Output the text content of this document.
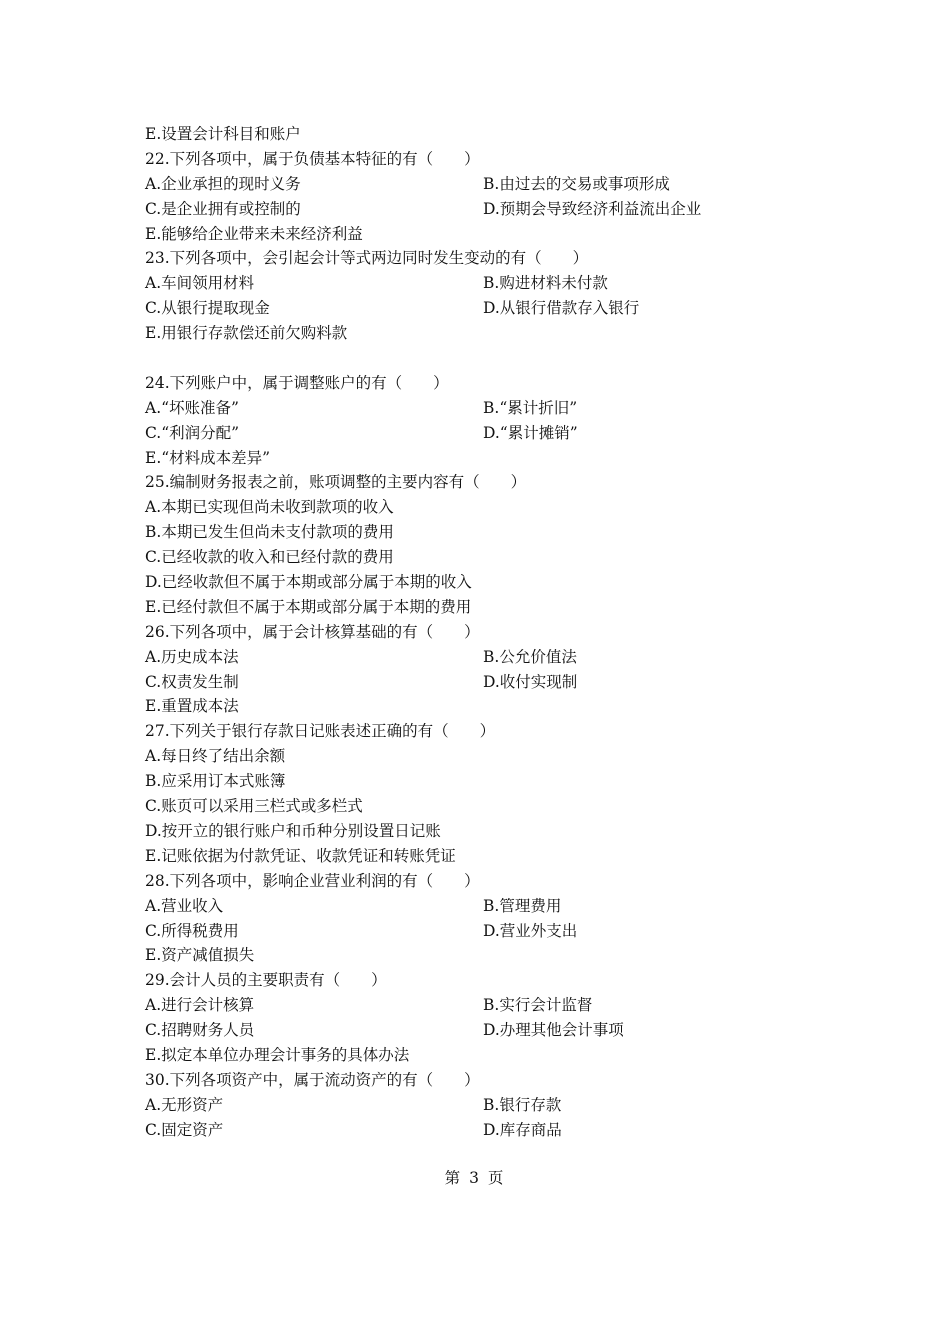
E.设置会计科目和账户
22.下列各项中，属于负债基本特征的有（　　）
A.企业承担的现时义务	B.由过去的交易或事项形成
C.是企业拥有或控制的	D.预期会导致经济利益流出企业
E.能够给企业带来未来经济利益
23.下列各项中，会引起会计等式两边同时发生变动的有（　　）
A.车间领用材料	B.购进材料未付款
C.从银行提取现金	D.从银行借款存入银行
E.用银行存款偿还前欠购料款
24.下列账户中，属于调整账户的有（　　）
A.“坏账准备”	B.“累计折旧”
C.“利润分配”	D.“累计摊销”
E.“材料成本差异”
25.编制财务报表之前，账项调整的主要内容有（　　）
A.本期已实现但尚未收到款项的收入
B.本期已发生但尚未支付款项的费用
C.已经收款的收入和已经付款的费用
D.已经收款但不属于本期或部分属于本期的收入
E.已经付款但不属于本期或部分属于本期的费用
26.下列各项中，属于会计核算基础的有（　　）
A.历史成本法	B.公允价值法
C.权责发生制	D.收付实现制
E.重置成本法
27.下列关于银行存款日记账表述正确的有（　　）
A.每日终了结出余额
B.应采用订本式账簿
C.账页可以采用三栏式或多栏式
D.按开立的银行账户和币种分别设置日记账
E.记账依据为付款凭证、收款凭证和转账凭证
28.下列各项中，影响企业营业利润的有（　　）
A.营业收入	B.管理费用
C.所得税费用	D.营业外支出
E.资产减值损失
29.会计人员的主要职责有（　　）
A.进行会计核算	B.实行会计监督
C.招聘财务人员	D.办理其他会计事项
E.拟定本单位办理会计事务的具体办法
30.下列各项资产中，属于流动资产的有（　　）
A.无形资产	B.银行存款
C.固定资产	D.库存商品
第 3 页
